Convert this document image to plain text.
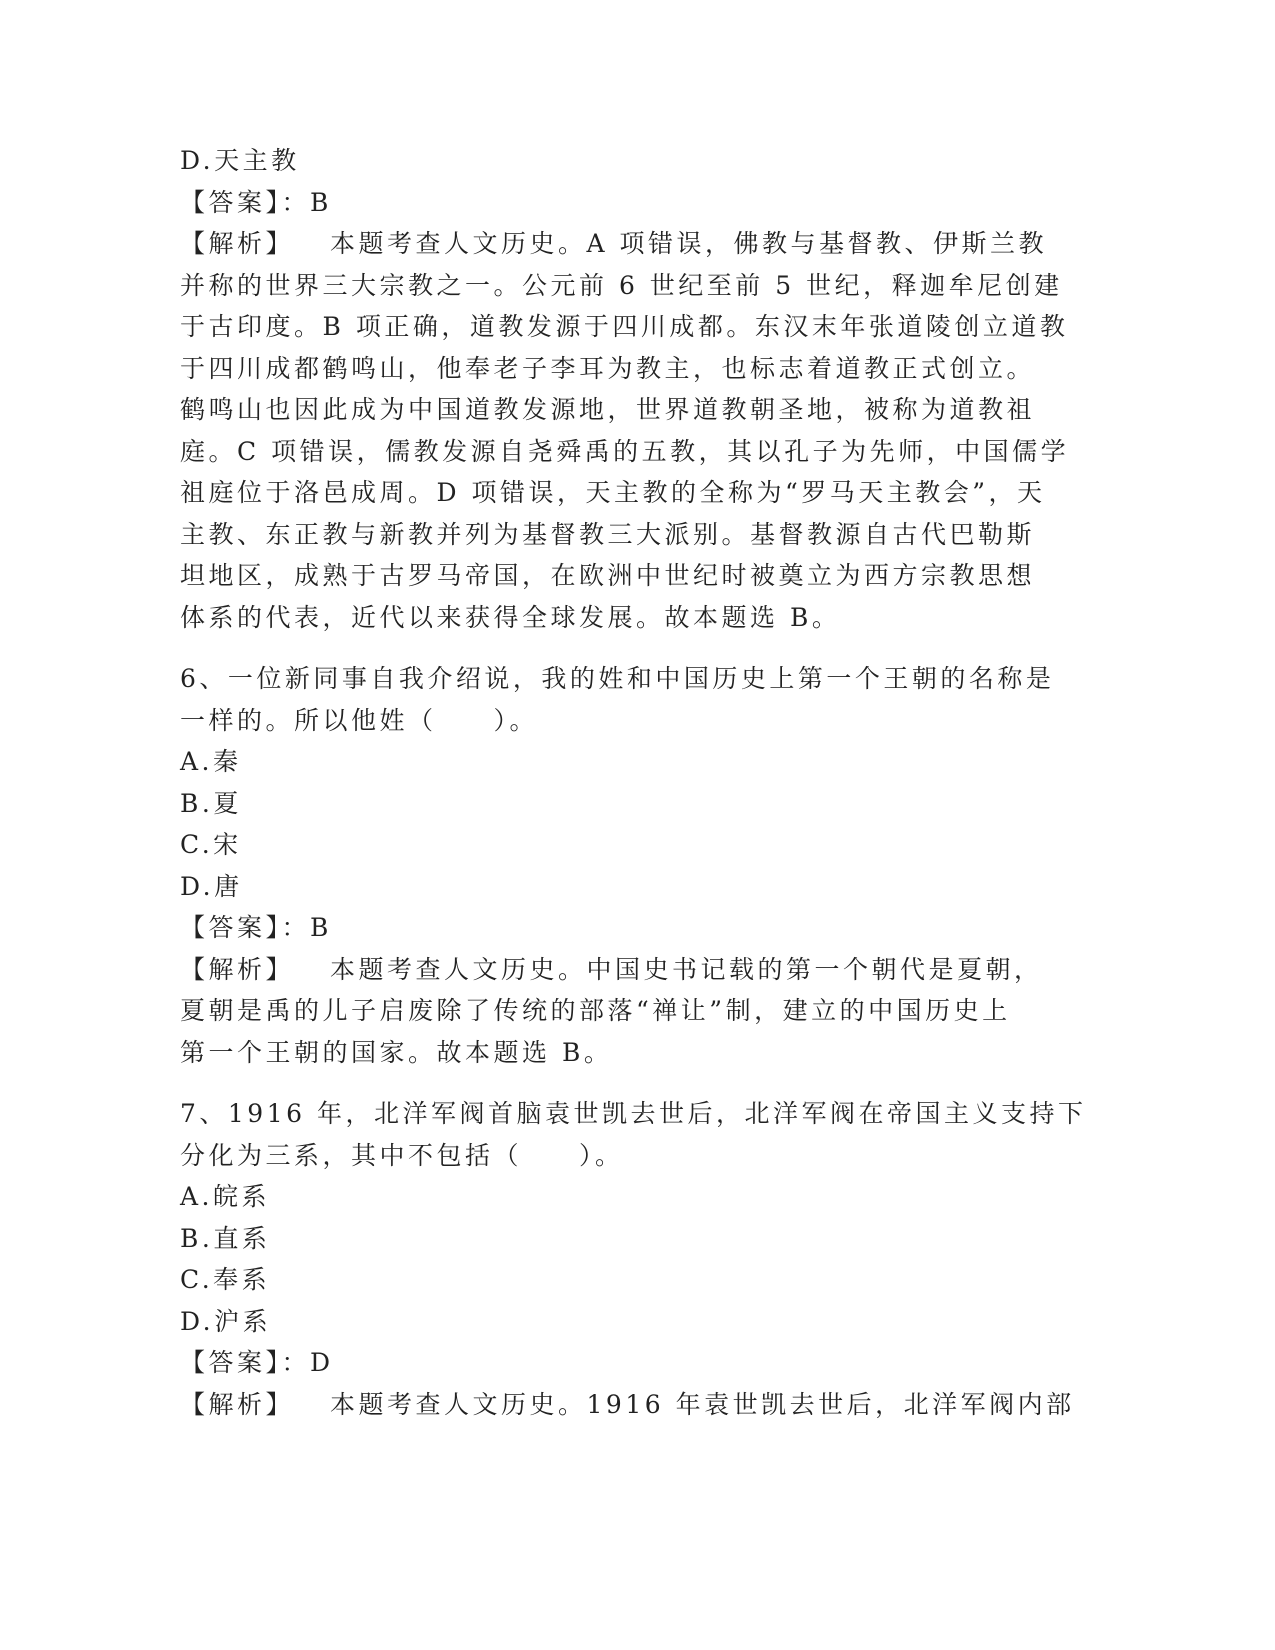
D.天主教
【答案】：B
【解析】 本题考查人文历史。A 项错误，佛教与基督教、伊斯兰教
并称的世界三大宗教之一。公元前 6 世纪至前 5 世纪，释迦牟尼创建
于古印度。B 项正确，道教发源于四川成都。东汉末年张道陵创立道教
于四川成都鹤鸣山，他奉老子李耳为教主，也标志着道教正式创立。
鹤鸣山也因此成为中国道教发源地，世界道教朝圣地，被称为道教祖
庭。C 项错误，儒教发源自尧舜禹的五教，其以孔子为先师，中国儒学
祖庭位于洛邑成周。D 项错误，天主教的全称为“罗马天主教会”，天
主教、东正教与新教并列为基督教三大派别。基督教源自古代巴勒斯
坦地区，成熟于古罗马帝国，在欧洲中世纪时被奠立为西方宗教思想
体系的代表，近代以来获得全球发展。故本题选 B。
6、一位新同事自我介绍说，我的姓和中国历史上第一个王朝的名称是
一样的。所以他姓（　　）。
A.秦
B.夏
C.宋
D.唐
【答案】：B
【解析】 本题考查人文历史。中国史书记载的第一个朝代是夏朝，
夏朝是禹的儿子启废除了传统的部落“禅让”制，建立的中国历史上
第一个王朝的国家。故本题选 B。
7、1916 年，北洋军阀首脑袁世凯去世后，北洋军阀在帝国主义支持下
分化为三系，其中不包括（　　）。
A.皖系
B.直系
C.奉系
D.沪系
【答案】：D
【解析】 本题考查人文历史。1916 年袁世凯去世后，北洋军阀内部
